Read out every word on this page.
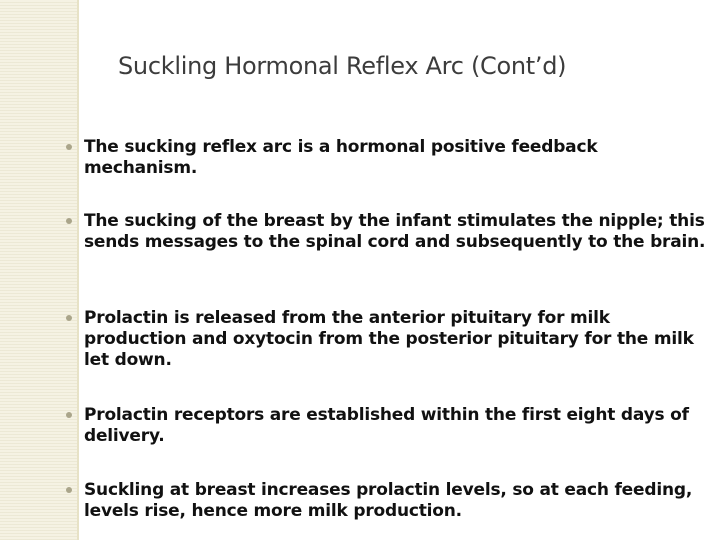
Suckling Hormonal Reflex Arc (Cont’d)
The sucking reflex arc is a hormonal positive feedback mechanism.
The sucking of the breast by the infant stimulates the nipple; this sends messages to the spinal cord and subsequently to the brain.
Prolactin is released from the anterior pituitary for milk production and oxytocin from the posterior pituitary for the milk let down.
Prolactin receptors are established within the first eight days of delivery.
Suckling at breast increases prolactin levels, so at each feeding, levels rise, hence more milk production.
